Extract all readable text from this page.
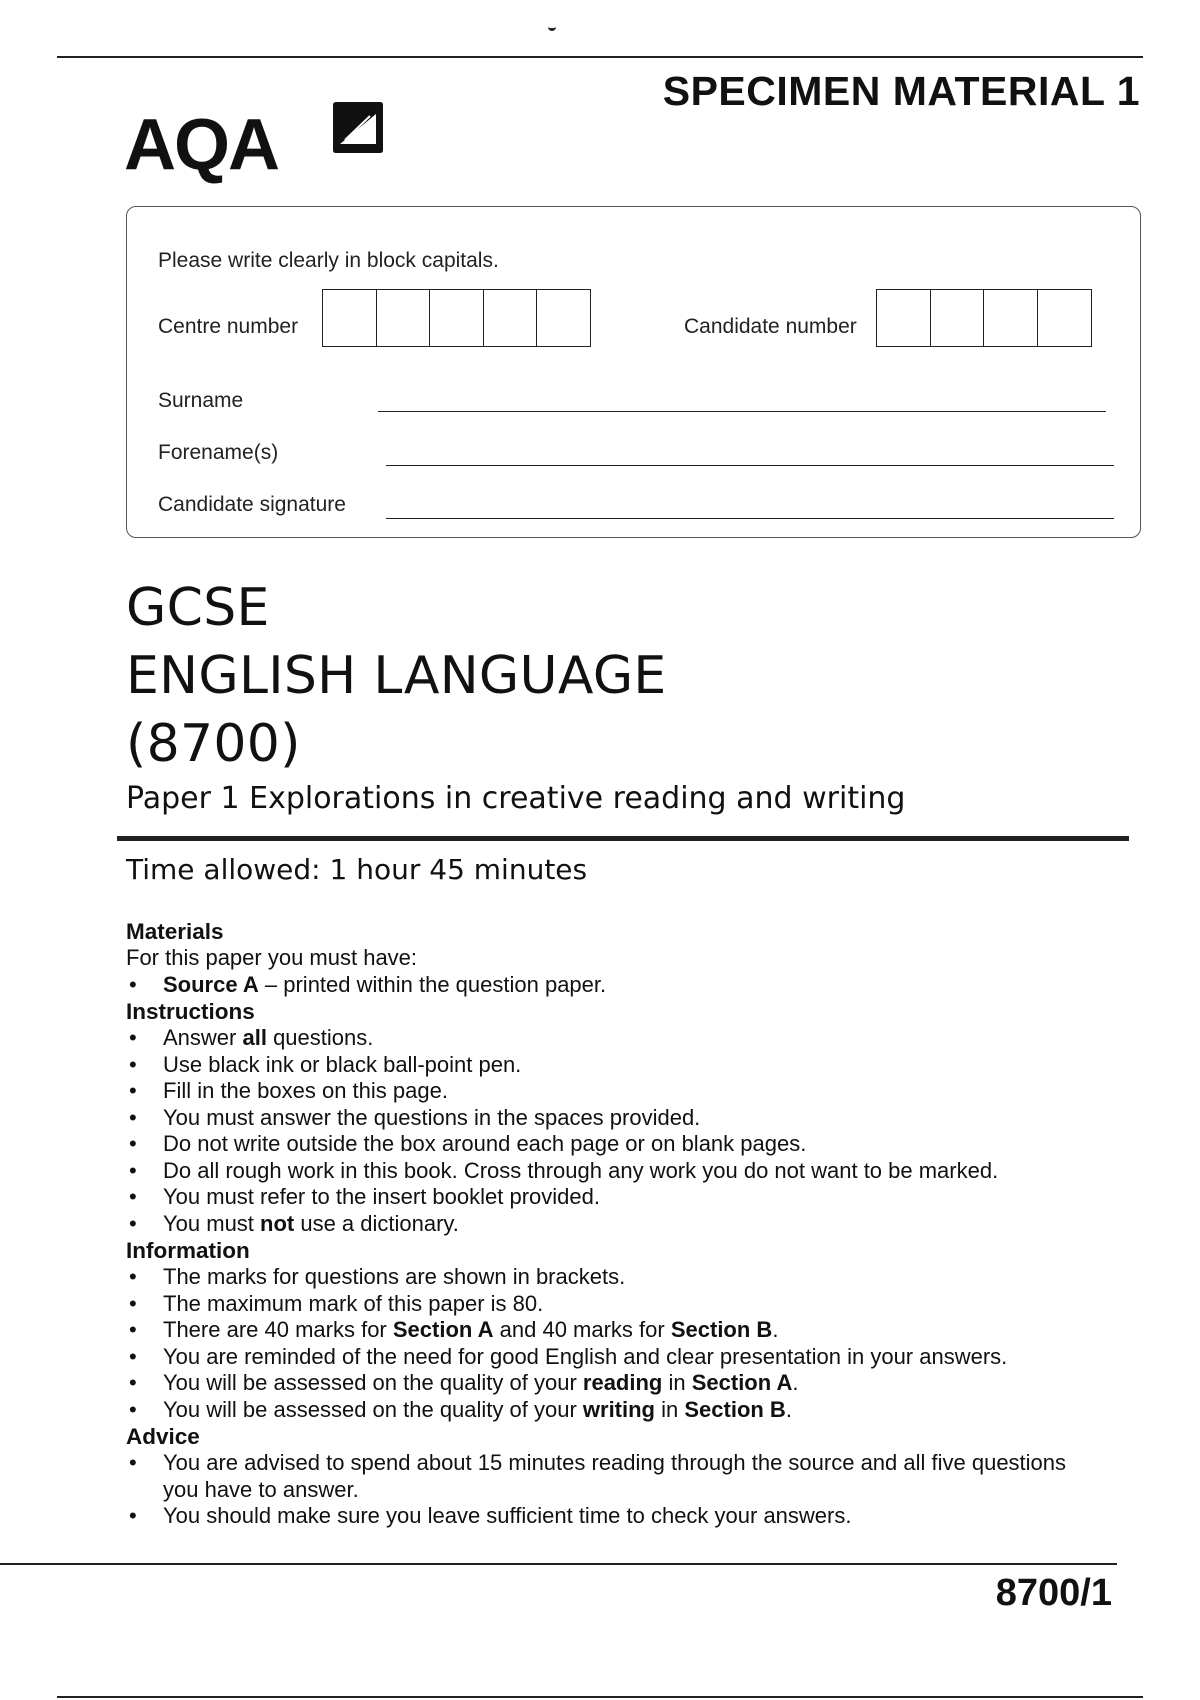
SPECIMEN MATERIAL 1
AQA
Please write clearly in block capitals.
Centre number	Candidate number
Surname
Forename(s)
Candidate signature
GCSE
ENGLISH LANGUAGE
(8700)
Paper 1 Explorations in creative reading and writing
Time allowed: 1 hour 45 minutes
Materials

For this paper you must have:

• Source A – printed within the question paper.
Instructions
• Answer all questions.
• Use black ink or black ball-point pen.
• Fill in the boxes on this page.
• You must answer the questions in the spaces provided.
• Do not write outside the box around each page or on blank pages.
• Do all rough work in this book. Cross through any work you do not want to be marked.
• You must refer to the insert booklet provided.
• You must not use a dictionary.
Information
• The marks for questions are shown in brackets.
• The maximum mark of this paper is 80.
• There are 40 marks for Section A and 40 marks for Section B.
• You are reminded of the need for good English and clear presentation in your answers.
• You will be assessed on the quality of your reading in Section A.
• You will be assessed on the quality of your writing in Section B.
Advice
• You are advised to spend about 15 minutes reading through the source and all five questions you have to answer.
• You should make sure you leave sufficient time to check your answers.
8700/1
